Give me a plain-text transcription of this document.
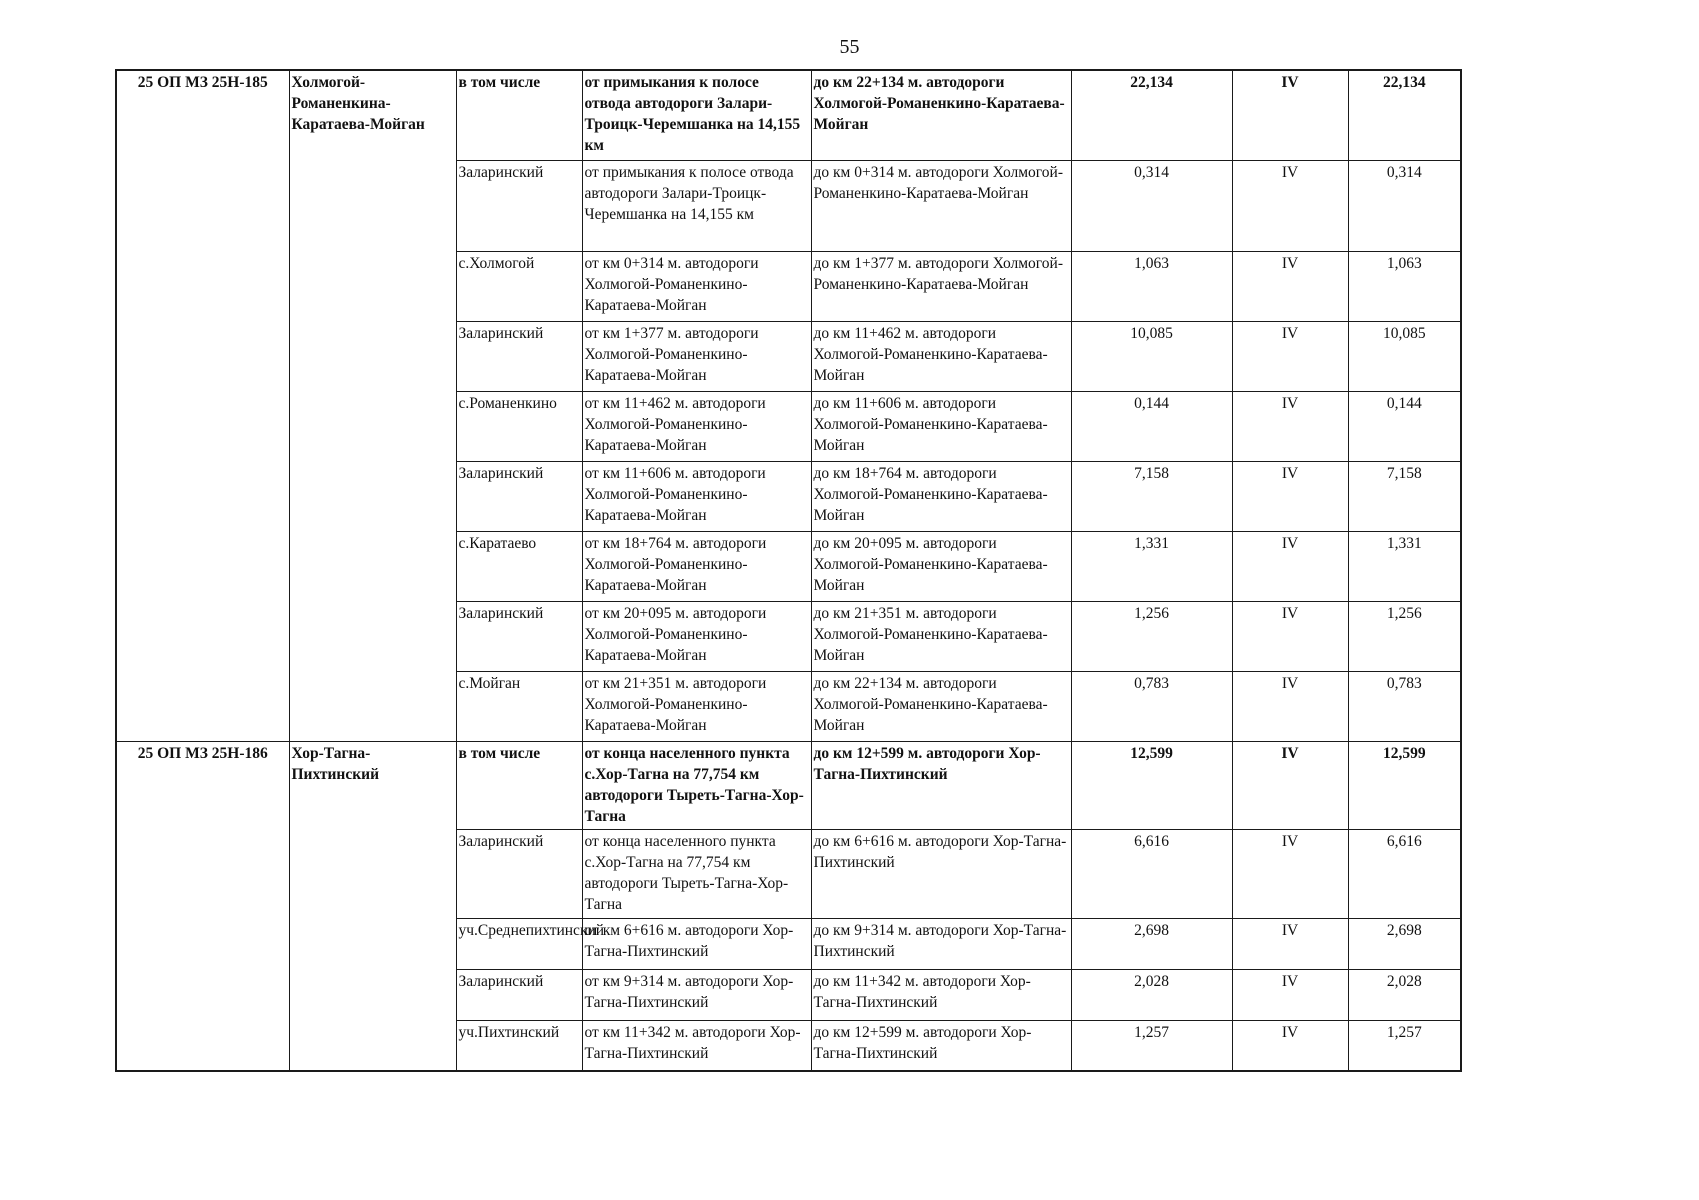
55
25 ОП МЗ 25Н-185	Холмогой-Романенкина-Каратаева-Мойган	в том числе	от примыкания к полосе отвода автодороги Залари-Троицк-Черемшанка на 14,155 км	до км 22+134 м. автодороги Холмогой-Романенкино-Каратаева-Мойган	22,134	IV	22,134
		Заларинский	от примыкания к полосе отвода автодороги Залари-Троицк-Черемшанка на 14,155 км	до км 0+314 м. автодороги Холмогой-Романенкино-Каратаева-Мойган	0,314	IV	0,314
		с.Холмогой	от км 0+314 м. автодороги Холмогой-Романенкино-Каратаева-Мойган	до км 1+377 м. автодороги Холмогой-Романенкино-Каратаева-Мойган	1,063	IV	1,063
		Заларинский	от км 1+377 м. автодороги Холмогой-Романенкино-Каратаева-Мойган	до км 11+462 м. автодороги Холмогой-Романенкино-Каратаева-Мойган	10,085	IV	10,085
		с.Романенкино	от км 11+462 м. автодороги Холмогой-Романенкино-Каратаева-Мойган	до км 11+606 м. автодороги Холмогой-Романенкино-Каратаева-Мойган	0,144	IV	0,144
		Заларинский	от км 11+606 м. автодороги Холмогой-Романенкино-Каратаева-Мойган	до км 18+764 м. автодороги Холмогой-Романенкино-Каратаева-Мойган	7,158	IV	7,158
		с.Каратаево	от км 18+764 м. автодороги Холмогой-Романенкино-Каратаева-Мойган	до км 20+095 м. автодороги Холмогой-Романенкино-Каратаева-Мойган	1,331	IV	1,331
		Заларинский	от км 20+095 м. автодороги Холмогой-Романенкино-Каратаева-Мойган	до км 21+351 м. автодороги Холмогой-Романенкино-Каратаева-Мойган	1,256	IV	1,256
		с.Мойган	от км 21+351 м. автодороги Холмогой-Романенкино-Каратаева-Мойган	до км 22+134 м. автодороги Холмогой-Романенкино-Каратаева-Мойган	0,783	IV	0,783
25 ОП МЗ 25Н-186	Хор-Тагна-Пихтинский	в том числе	от конца населенного пункта с.Хор-Тагна на 77,754 км автодороги Тыреть-Тагна-Хор-Тагна	до км 12+599 м. автодороги Хор-Тагна-Пихтинский	12,599	IV	12,599
		Заларинский	от конца населенного пункта с.Хор-Тагна на 77,754 км автодороги Тыреть-Тагна-Хор-Тагна	до км 6+616 м. автодороги Хор-Тагна-Пихтинский	6,616	IV	6,616
		уч.Среднепихтинский	от км 6+616 м. автодороги Хор-Тагна-Пихтинский	до км 9+314 м. автодороги Хор-Тагна-Пихтинский	2,698	IV	2,698
		Заларинский	от км 9+314 м. автодороги Хор-Тагна-Пихтинский	до км 11+342 м. автодороги Хор-Тагна-Пихтинский	2,028	IV	2,028
		уч.Пихтинский	от км 11+342 м. автодороги Хор-Тагна-Пихтинский	до км 12+599 м. автодороги Хор-Тагна-Пихтинский	1,257	IV	1,257
